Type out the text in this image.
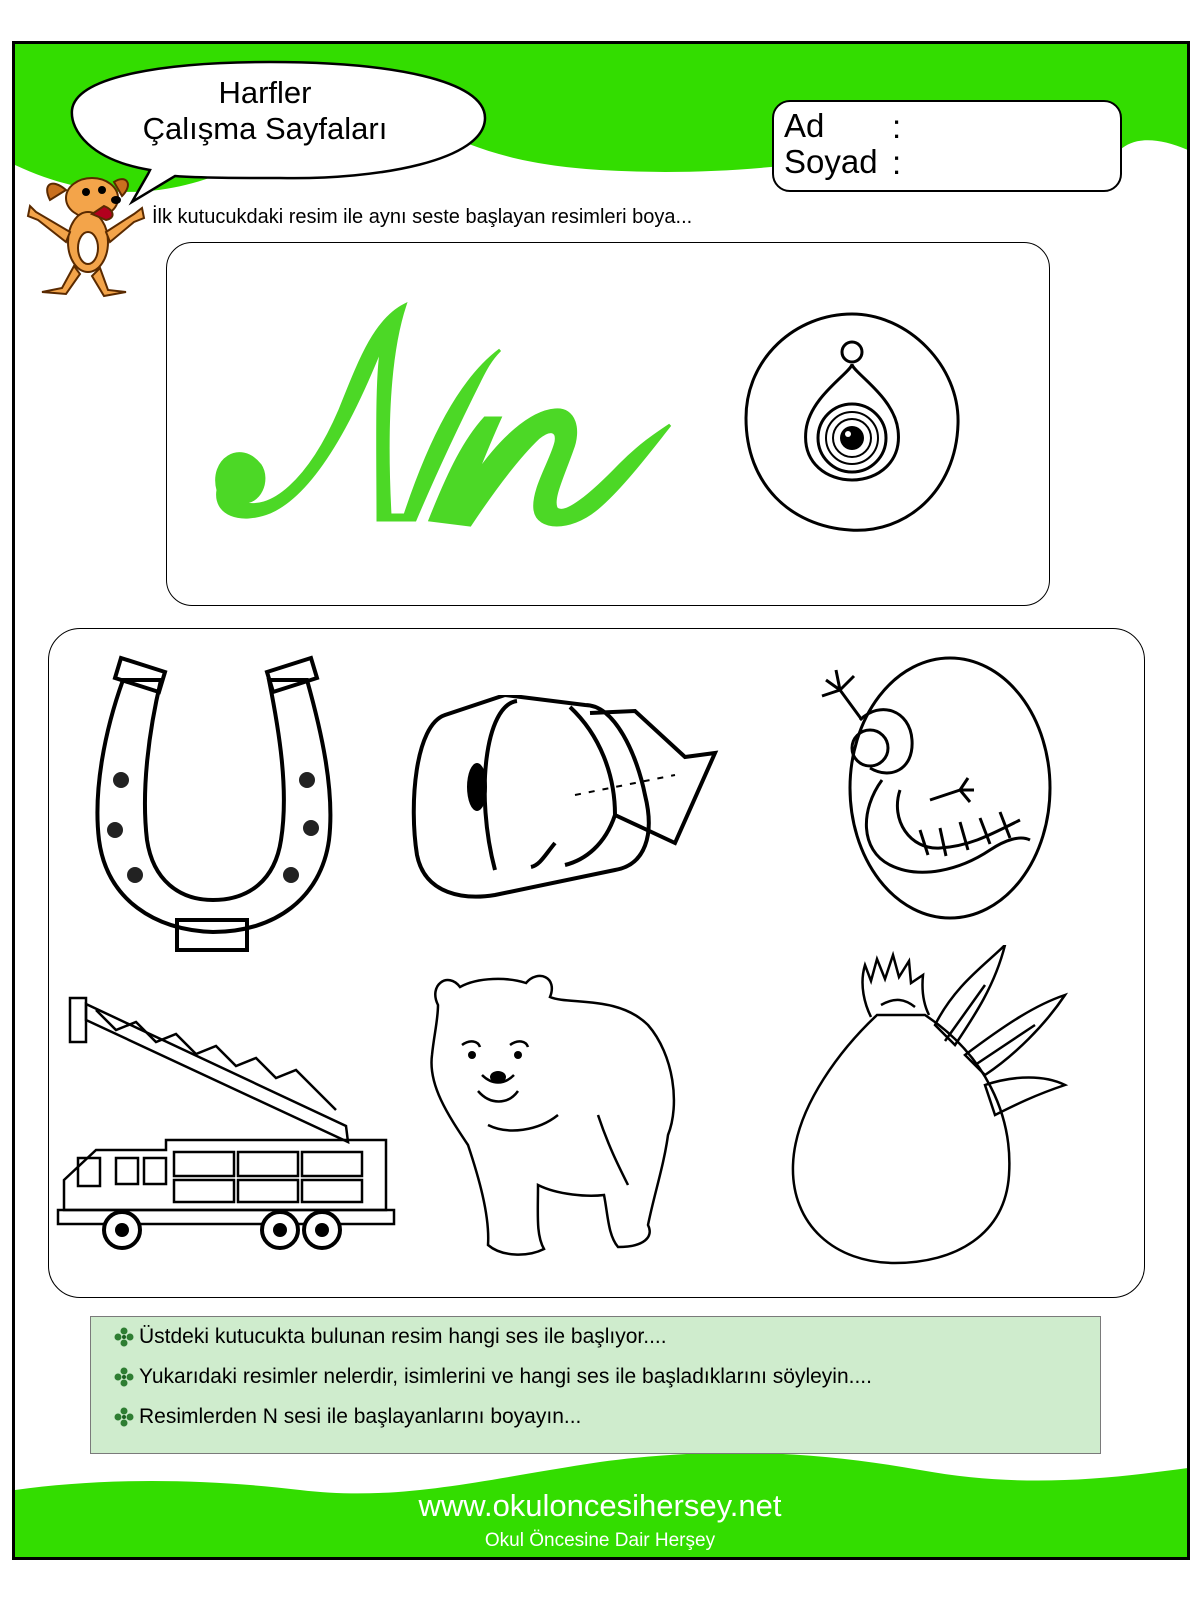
Harfler
Çalışma Sayfaları	Ad :
Soyad :
İlk kutucukdaki resim ile aynı seste başlayan resimleri boya...
Üstdeki kutucukta bulunan resim hangi ses ile başlıyor....
Yukarıdaki resimler nelerdir, isimlerini ve hangi ses ile başladıklarını söyleyin....
Resimlerden N sesi ile başlayanlarını boyayın...
www.okuloncesihersey.net
Okul Öncesine Dair Herşey
